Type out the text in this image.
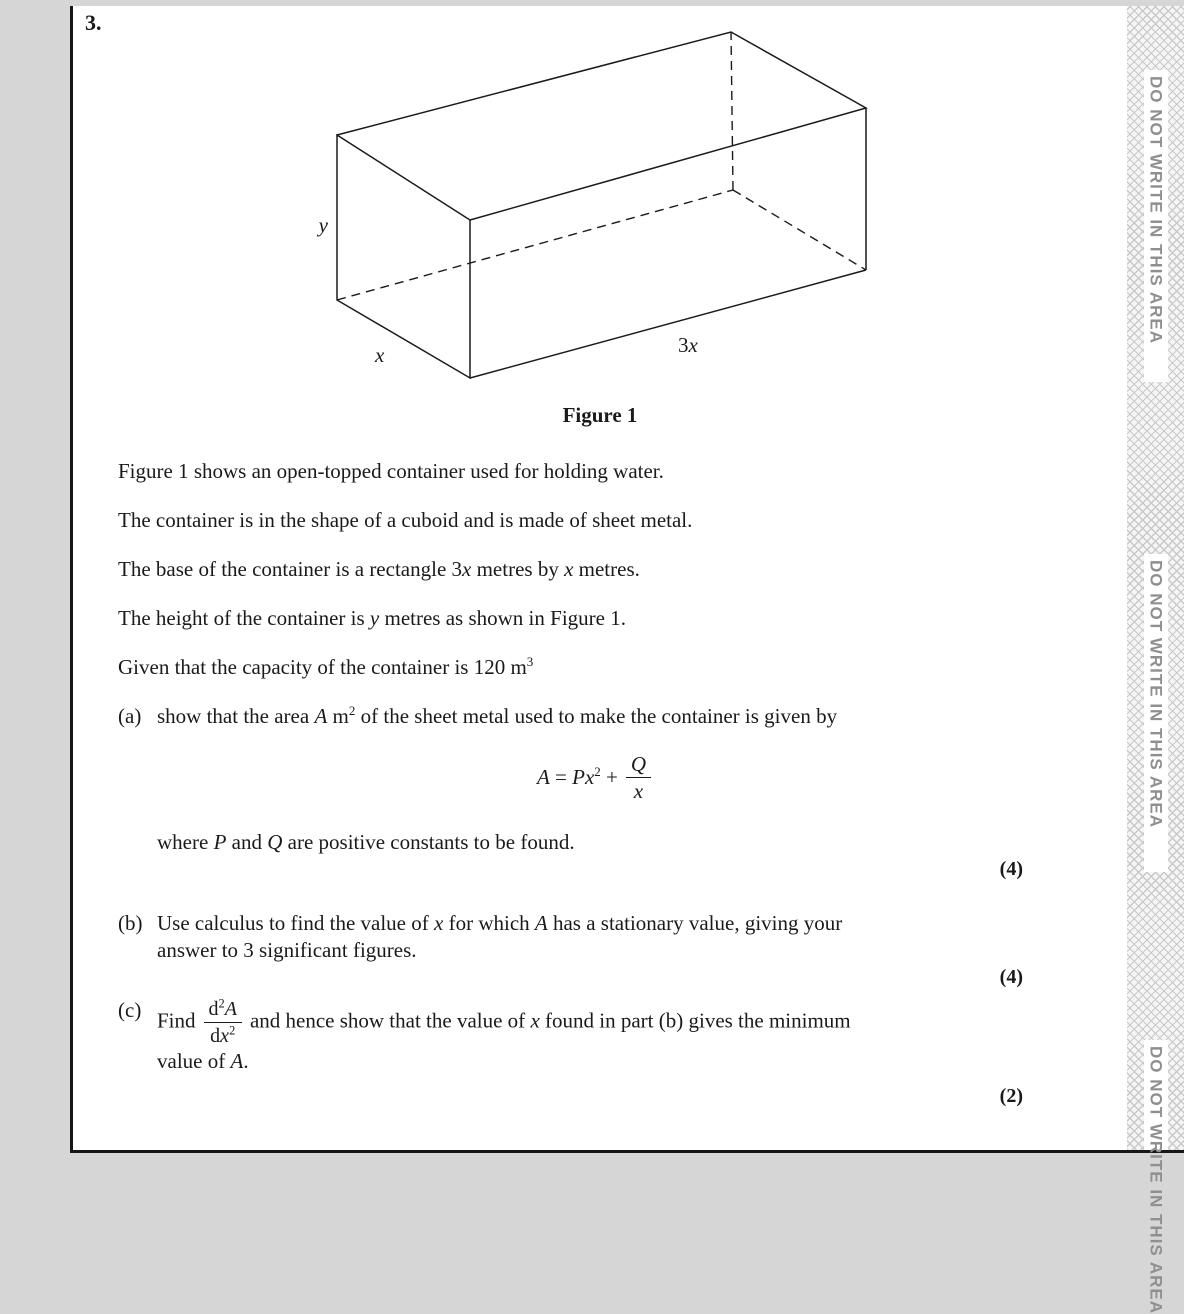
3.
y
x	3x
Figure 1
Figure 1 shows an open-topped container used for holding water.
The container is in the shape of a cuboid and is made of sheet metal.
The base of the container is a rectangle 3x metres by x metres.
The height of the container is y metres as shown in Figure 1.
Given that the capacity of the container is 120 $m^3$
(a) show that the area A $m^2$ of the sheet metal used to make the container is given by
$A = Px^2 + \frac{Q}{x}$
where P and Q are positive constants to be found.
(4)
(b) Use calculus to find the value of x for which A has a stationary value, giving your
answer to 3 significant figures.
(4)
(c) Find $\frac{d^2A}{dx^2}$ and hence show that the value of x found in part (b) gives the minimum
value of A.
(2)
DO NOT WRITE IN THIS AREA
DO NOT WRITE IN THIS AREA
DO NOT WRITE IN THIS AREA
